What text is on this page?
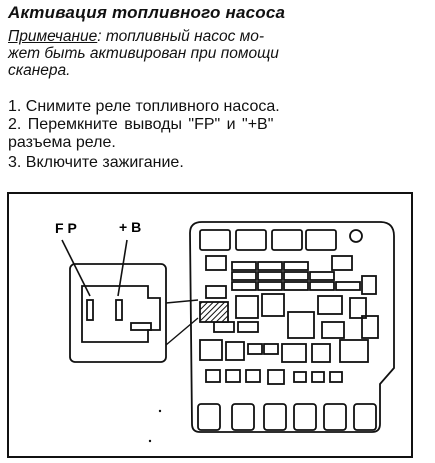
Активация топливного насоса
Примечание: топливный насос мо-
жет быть активирован при помощи
сканера.
1. Снимите реле топливного насоса.
2. Перемкните выводы "FP" и "+B"
разъема реле.
3. Включите зажигание.
F P	+ B
